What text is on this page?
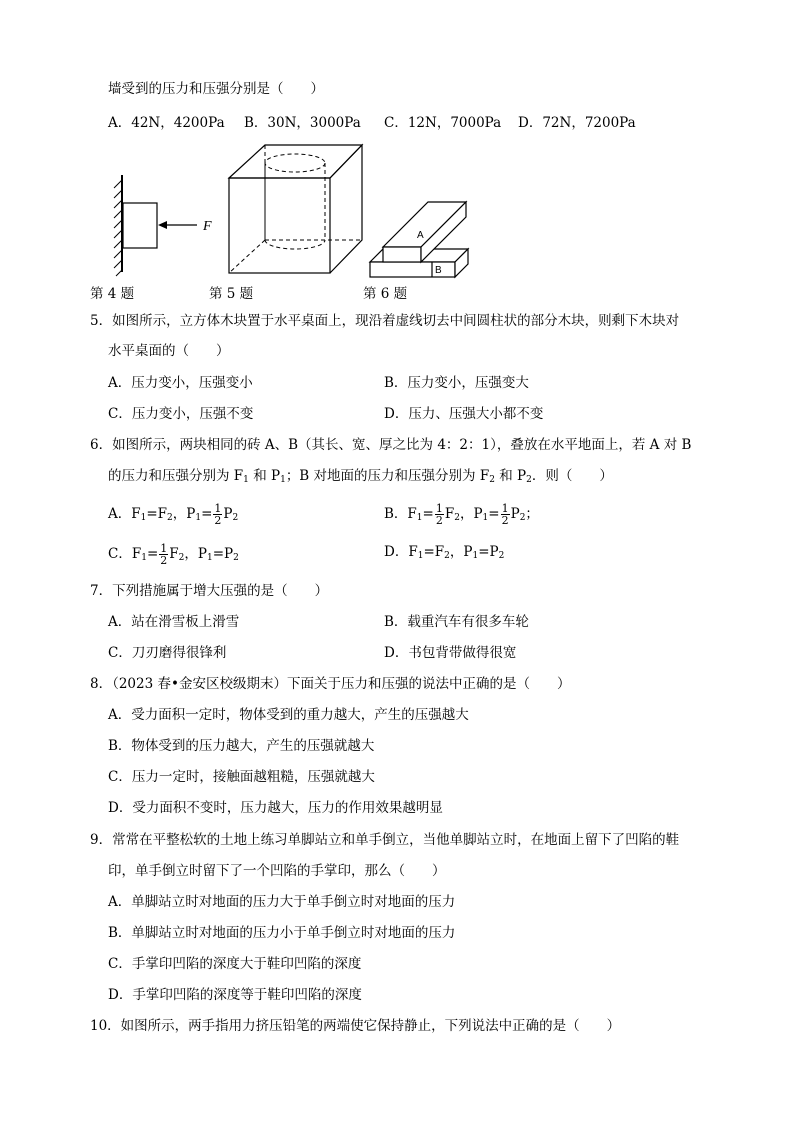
墙受到的压力和压强分别是（　　）
A．42N，4200Pa B．30N，3000Pa C．12N，7000Pa D．72N，7200Pa
F
A
B
第 4 题	第 5 题	第 6 题
5．如图所示，立方体木块置于水平桌面上，现沿着虚线切去中间圆柱状的部分木块，则剩下木块对
水平桌面的（　　）
A．压力变小，压强变小	B．压力变小，压强变大
C．压力变小，压强不变	D．压力、压强大小都不变
6．如图所示，两块相同的砖 A、B（其长、宽、厚之比为 4：2：1），叠放在水平地面上，若 A 对 B
的压力和压强分别为 $F_1$ 和 $P_1$；B 对地面的压力和压强分别为 $F_2$ 和 $P_2$．则（　　）
A．$F_1=F_2$，$P_1= \frac{1}{2} P_2$	B．$F_1= \frac{1}{2} F_2$，$P_1= \frac{1}{2} P_2$；
C．$F_1= \frac{1}{2} F_2$，$P_1=P_2$	D．$F_1=F_2$，$P_1=P_2$
7．下列措施属于增大压强的是（　　）
A．站在滑雪板上滑雪	B．载重汽车有很多车轮
C．刀刃磨得很锋利	D．书包背带做得很宽
8．（2023 春•金安区校级期末）下面关于压力和压强的说法中正确的是（　　）
A．受力面积一定时，物体受到的重力越大，产生的压强越大
B．物体受到的压力越大，产生的压强就越大
C．压力一定时，接触面越粗糙，压强就越大
D．受力面积不变时，压力越大，压力的作用效果越明显
9．常常在平整松软的土地上练习单脚站立和单手倒立，当他单脚站立时，在地面上留下了凹陷的鞋
印，单手倒立时留下了一个凹陷的手掌印，那么（　　）
A．单脚站立时对地面的压力大于单手倒立时对地面的压力
B．单脚站立时对地面的压力小于单手倒立时对地面的压力
C．手掌印凹陷的深度大于鞋印凹陷的深度
D．手掌印凹陷的深度等于鞋印凹陷的深度
10．如图所示，两手指用力挤压铅笔的两端使它保持静止，下列说法中正确的是（　　）
